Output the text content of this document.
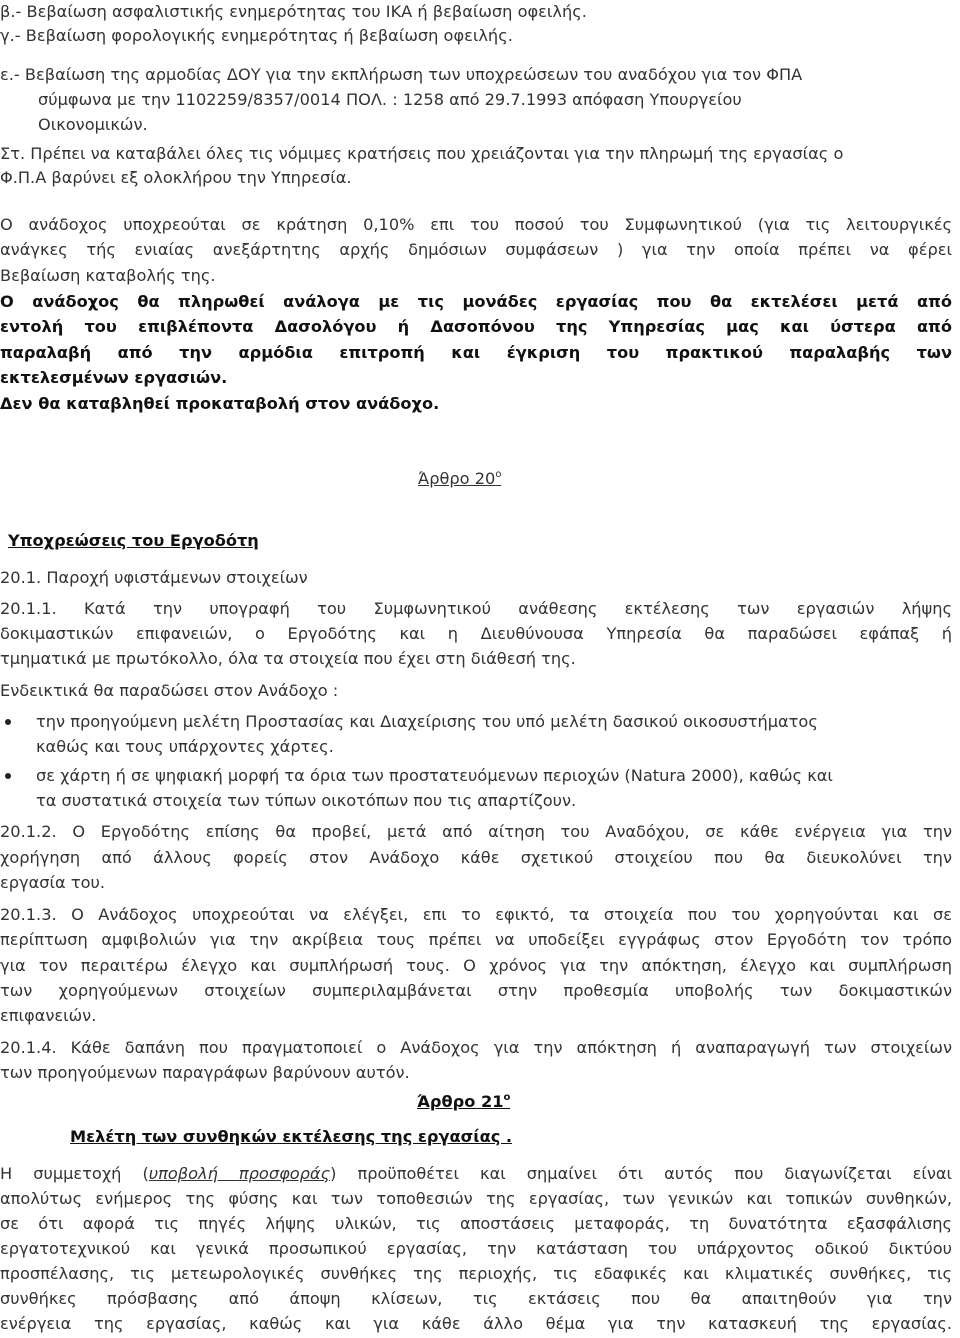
β.- Βεβαίωση ασφαλιστικής ενημερότητας του ΙΚΑ ή βεβαίωση οφειλής.
γ.- Βεβαίωση φορολογικής ενημερότητας ή βεβαίωση οφειλής.
ε.- Βεβαίωση της αρμοδίας ΔΟΥ για την εκπλήρωση των υποχρεώσεων του αναδόχου για τον ΦΠΑ
σύμφωνα με την 1102259/8357/0014 ΠΟΛ. : 1258 από 29.7.1993 απόφαση Υπουργείου
Οικονομικών.
Στ. Πρέπει να καταβάλει όλες τις νόμιμες κρατήσεις που χρειάζονται για την πληρωμή της εργασίας ο
Φ.Π.Α βαρύνει εξ ολοκλήρου την Υπηρεσία.
Ο ανάδοχος υποχρεούται σε κράτηση 0,10% επι του ποσού του Συμφωνητικού (για τις λειτουργικές
ανάγκες τής ενιαίας ανεξάρτητης αρχής δημόσιων συμφάσεων ) για την οποία πρέπει να φέρει
Βεβαίωση καταβολής της.
Ο ανάδοχος θα πληρωθεί ανάλογα με τις μονάδες εργασίας που θα εκτελέσει μετά από
εντολή του επιβλέποντα Δασολόγου ή Δασοπόνου της Υπηρεσίας μας και ύστερα από
παραλαβή από την αρμόδια επιτροπή και έγκριση του πρακτικού παραλαβής των
εκτελεσμένων εργασιών.
Δεν θα καταβληθεί προκαταβολή στον ανάδοχο.
Άρθρο $20^o$
Υποχρεώσεις του Εργοδότη
20.1. Παροχή υφιστάμενων στοιχείων
20.1.1. Κατά την υπογραφή του Συμφωνητικού ανάθεσης εκτέλεσης των εργασιών λήψης
δοκιμαστικών επιφανειών, ο Εργοδότης και η Διευθύνουσα Υπηρεσία θα παραδώσει εφάπαξ ή
τμηματικά με πρωτόκολλο, όλα τα στοιχεία που έχει στη διάθεσή της.
Ενδεικτικά θα παραδώσει στον Ανάδοχο :
την προηγούμενη μελέτη Προστασίας και Διαχείρισης του υπό μελέτη δασικού οικοσυστήματος
καθώς και τους υπάρχοντες χάρτες.
σε χάρτη ή σε ψηφιακή μορφή τα όρια των προστατευόμενων περιοχών (Natura 2000), καθώς και
τα συστατικά στοιχεία των τύπων οικοτόπων που τις απαρτίζουν.
20.1.2. Ο Εργοδότης επίσης θα προβεί, μετά από αίτηση του Αναδόχου, σε κάθε ενέργεια για την
χορήγηση από άλλους φορείς στον Ανάδοχο κάθε σχετικού στοιχείου που θα διευκολύνει την
εργασία του.
20.1.3. Ο Ανάδοχος υποχρεούται να ελέγξει, επι το εφικτό, τα στοιχεία που του χορηγούνται και σε
περίπτωση αμφιβολιών για την ακρίβεια τους πρέπει να υποδείξει εγγράφως στον Εργοδότη τον τρόπο
για τον περαιτέρω έλεγχο και συμπλήρωσή τους. Ο χρόνος για την απόκτηση, έλεγχο και συμπλήρωση
των χορηγούμενων στοιχείων συμπεριλαμβάνεται στην προθεσμία υποβολής των δοκιμαστικών
επιφανειών.
20.1.4. Κάθε δαπάνη που πραγματοποιεί ο Ανάδοχος για την απόκτηση ή αναπαραγωγή των στοιχείων
των προηγούμενων παραγράφων βαρύνουν αυτόν.
Άρθρο $21^o$
Μελέτη των συνθηκών εκτέλεσης της εργασίας .
Η συμμετοχή (υποβολή προσφοράς) προϋποθέτει και σημαίνει ότι αυτός που διαγωνίζεται είναι
απολύτως ενήμερος της φύσης και των τοποθεσιών της εργασίας, των γενικών και τοπικών συνθηκών,
σε ότι αφορά τις πηγές λήψης υλικών, τις αποστάσεις μεταφοράς, τη δυνατότητα εξασφάλισης
εργατοτεχνικού και γενικά προσωπικού εργασίας, την κατάσταση του υπάρχοντος οδικού δικτύου
προσπέλασης, τις μετεωρολογικές συνθήκες της περιοχής, τις εδαφικές και κλιματικές συνθήκες, τις
συνθήκες πρόσβασης από άποψη κλίσεων, τις εκτάσεις που θα απαιτηθούν για την
ενέργεια της εργασίας, καθώς και για κάθε άλλο θέμα για την κατασκευή της εργασίας.
